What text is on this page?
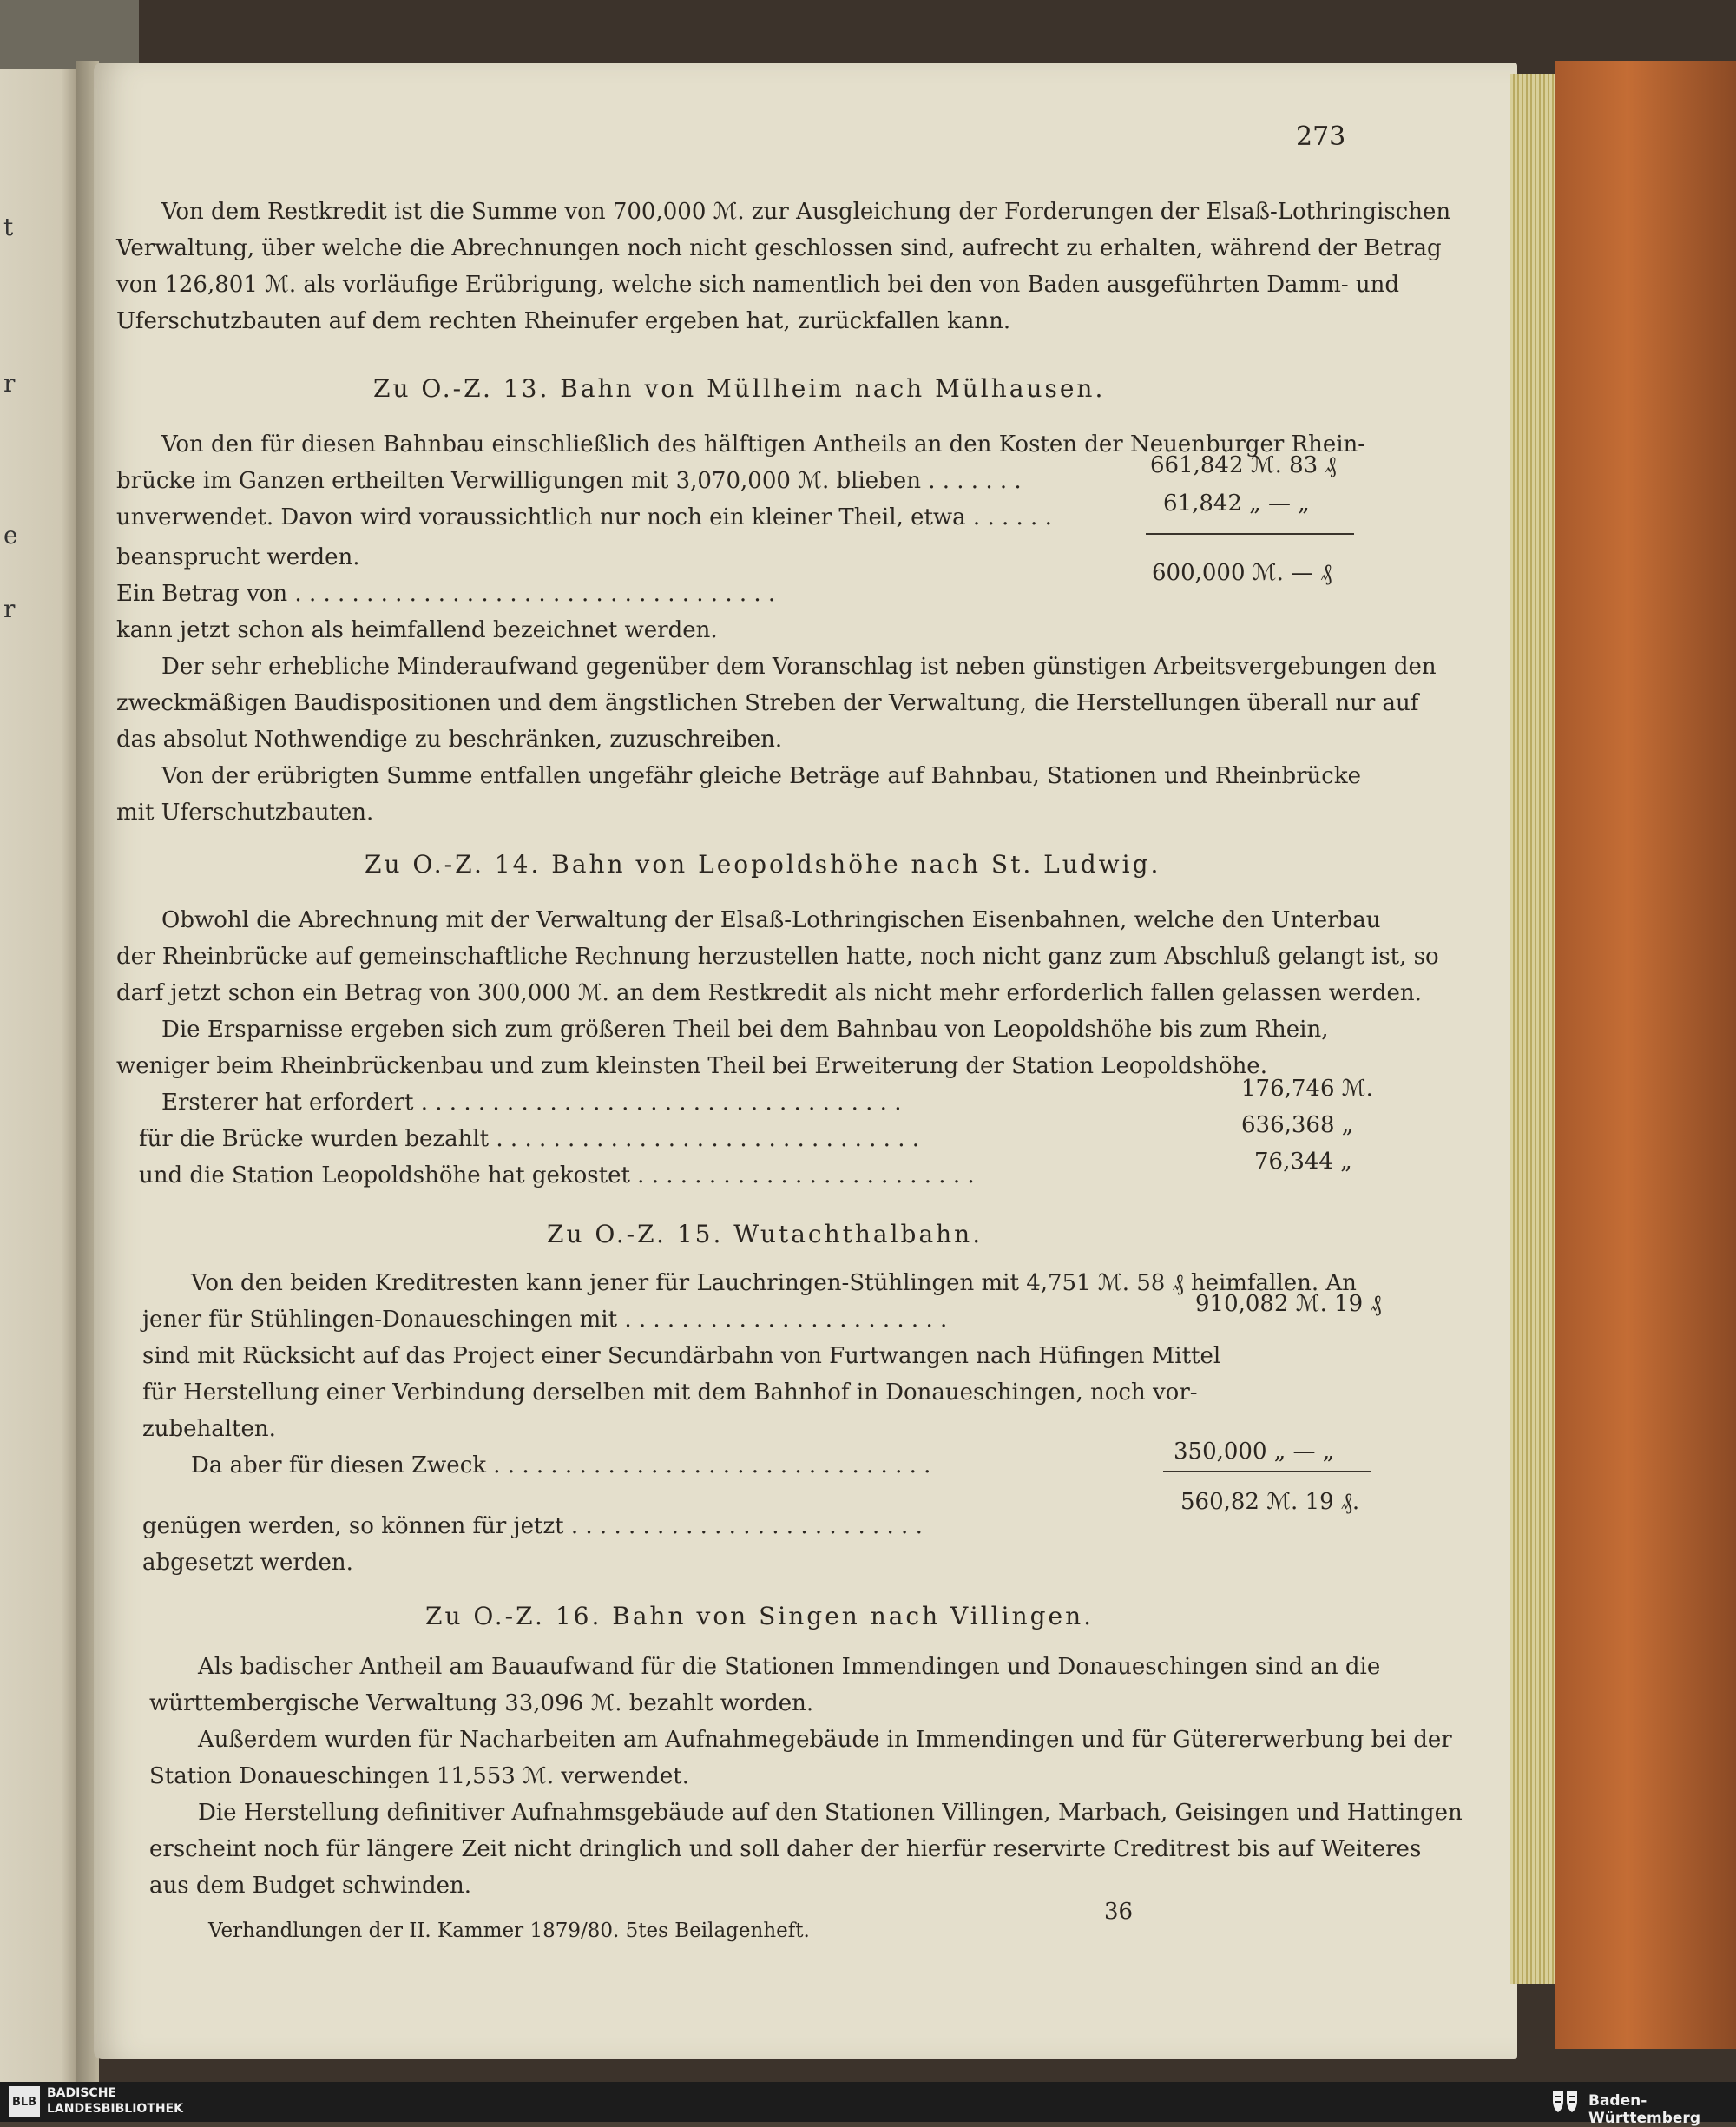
t
r
e
r
273
Von dem Restkredit ist die Summe von 700,000 ℳ. zur Ausgleichung der Forderungen der Elsaß-Lothringischen
Verwaltung, über welche die Abrechnungen noch nicht geschlossen sind, aufrecht zu erhalten, während der Betrag
von 126,801 ℳ. als vorläufige Erübrigung, welche sich namentlich bei den von Baden ausgeführten Damm- und
Uferschutzbauten auf dem rechten Rheinufer ergeben hat, zurückfallen kann.
Zu O.-Z. 13. Bahn von Müllheim nach Mülhausen.
Von den für diesen Bahnbau einschließlich des hälftigen Antheils an den Kosten der Neuenburger Rhein-
brücke im Ganzen ertheilten Verwilligungen mit 3,070,000 ℳ. blieben . . . . . . .
661,842 ℳ. 83 ₰
unverwendet. Davon wird voraussichtlich nur noch ein kleiner Theil, etwa . . . . . .
61,842 „ — „
beansprucht werden.
Ein Betrag von . . . . . . . . . . . . . . . . . . . . . . . . . . . . . . . . . .
600,000 ℳ. — ₰
kann jetzt schon als heimfallend bezeichnet werden.
Der sehr erhebliche Minderaufwand gegenüber dem Voranschlag ist neben günstigen Arbeitsvergebungen den
zweckmäßigen Baudispositionen und dem ängstlichen Streben der Verwaltung, die Herstellungen überall nur auf
das absolut Nothwendige zu beschränken, zuzuschreiben.
Von der erübrigten Summe entfallen ungefähr gleiche Beträge auf Bahnbau, Stationen und Rheinbrücke
mit Uferschutzbauten.
Zu O.-Z. 14. Bahn von Leopoldshöhe nach St. Ludwig.
Obwohl die Abrechnung mit der Verwaltung der Elsaß-Lothringischen Eisenbahnen, welche den Unterbau
der Rheinbrücke auf gemeinschaftliche Rechnung herzustellen hatte, noch nicht ganz zum Abschluß gelangt ist, so
darf jetzt schon ein Betrag von 300,000 ℳ. an dem Restkredit als nicht mehr erforderlich fallen gelassen werden.
Die Ersparnisse ergeben sich zum größeren Theil bei dem Bahnbau von Leopoldshöhe bis zum Rhein,
weniger beim Rheinbrückenbau und zum kleinsten Theil bei Erweiterung der Station Leopoldshöhe.
Ersterer hat erfordert . . . . . . . . . . . . . . . . . . . . . . . . . . . . . . . . . .
176,746 ℳ.
für die Brücke wurden bezahlt . . . . . . . . . . . . . . . . . . . . . . . . . . . . . .
636,368 „
und die Station Leopoldshöhe hat gekostet . . . . . . . . . . . . . . . . . . . . . . . .
76,344 „
Zu O.-Z. 15. Wutachthalbahn.
Von den beiden Kreditresten kann jener für Lauchringen-Stühlingen mit 4,751 ℳ. 58 ₰ heimfallen. An
jener für Stühlingen-Donaueschingen mit . . . . . . . . . . . . . . . . . . . . . . .
910,082 ℳ. 19 ₰
sind mit Rücksicht auf das Project einer Secundärbahn von Furtwangen nach Hüfingen Mittel
für Herstellung einer Verbindung derselben mit dem Bahnhof in Donaueschingen, noch vor-
zubehalten.
Da aber für diesen Zweck . . . . . . . . . . . . . . . . . . . . . . . . . . . . . . .
350,000 „ — „
genügen werden, so können für jetzt . . . . . . . . . . . . . . . . . . . . . . . . .
560,82 ℳ. 19 ₰.
abgesetzt werden.
Zu O.-Z. 16. Bahn von Singen nach Villingen.
Als badischer Antheil am Bauaufwand für die Stationen Immendingen und Donaueschingen sind an die
württembergische Verwaltung 33,096 ℳ. bezahlt worden.
Außerdem wurden für Nacharbeiten am Aufnahmegebäude in Immendingen und für Gütererwerbung bei der
Station Donaueschingen 11,553 ℳ. verwendet.
Die Herstellung definitiver Aufnahmsgebäude auf den Stationen Villingen, Marbach, Geisingen und Hattingen
erscheint noch für längere Zeit nicht dringlich und soll daher der hierfür reservirte Creditrest bis auf Weiteres
aus dem Budget schwinden.
Verhandlungen der II. Kammer 1879/80. 5tes Beilagenheft.
36
BLB
BADISCHE
LANDESBIBLIOTHEK	Baden-Württemberg
